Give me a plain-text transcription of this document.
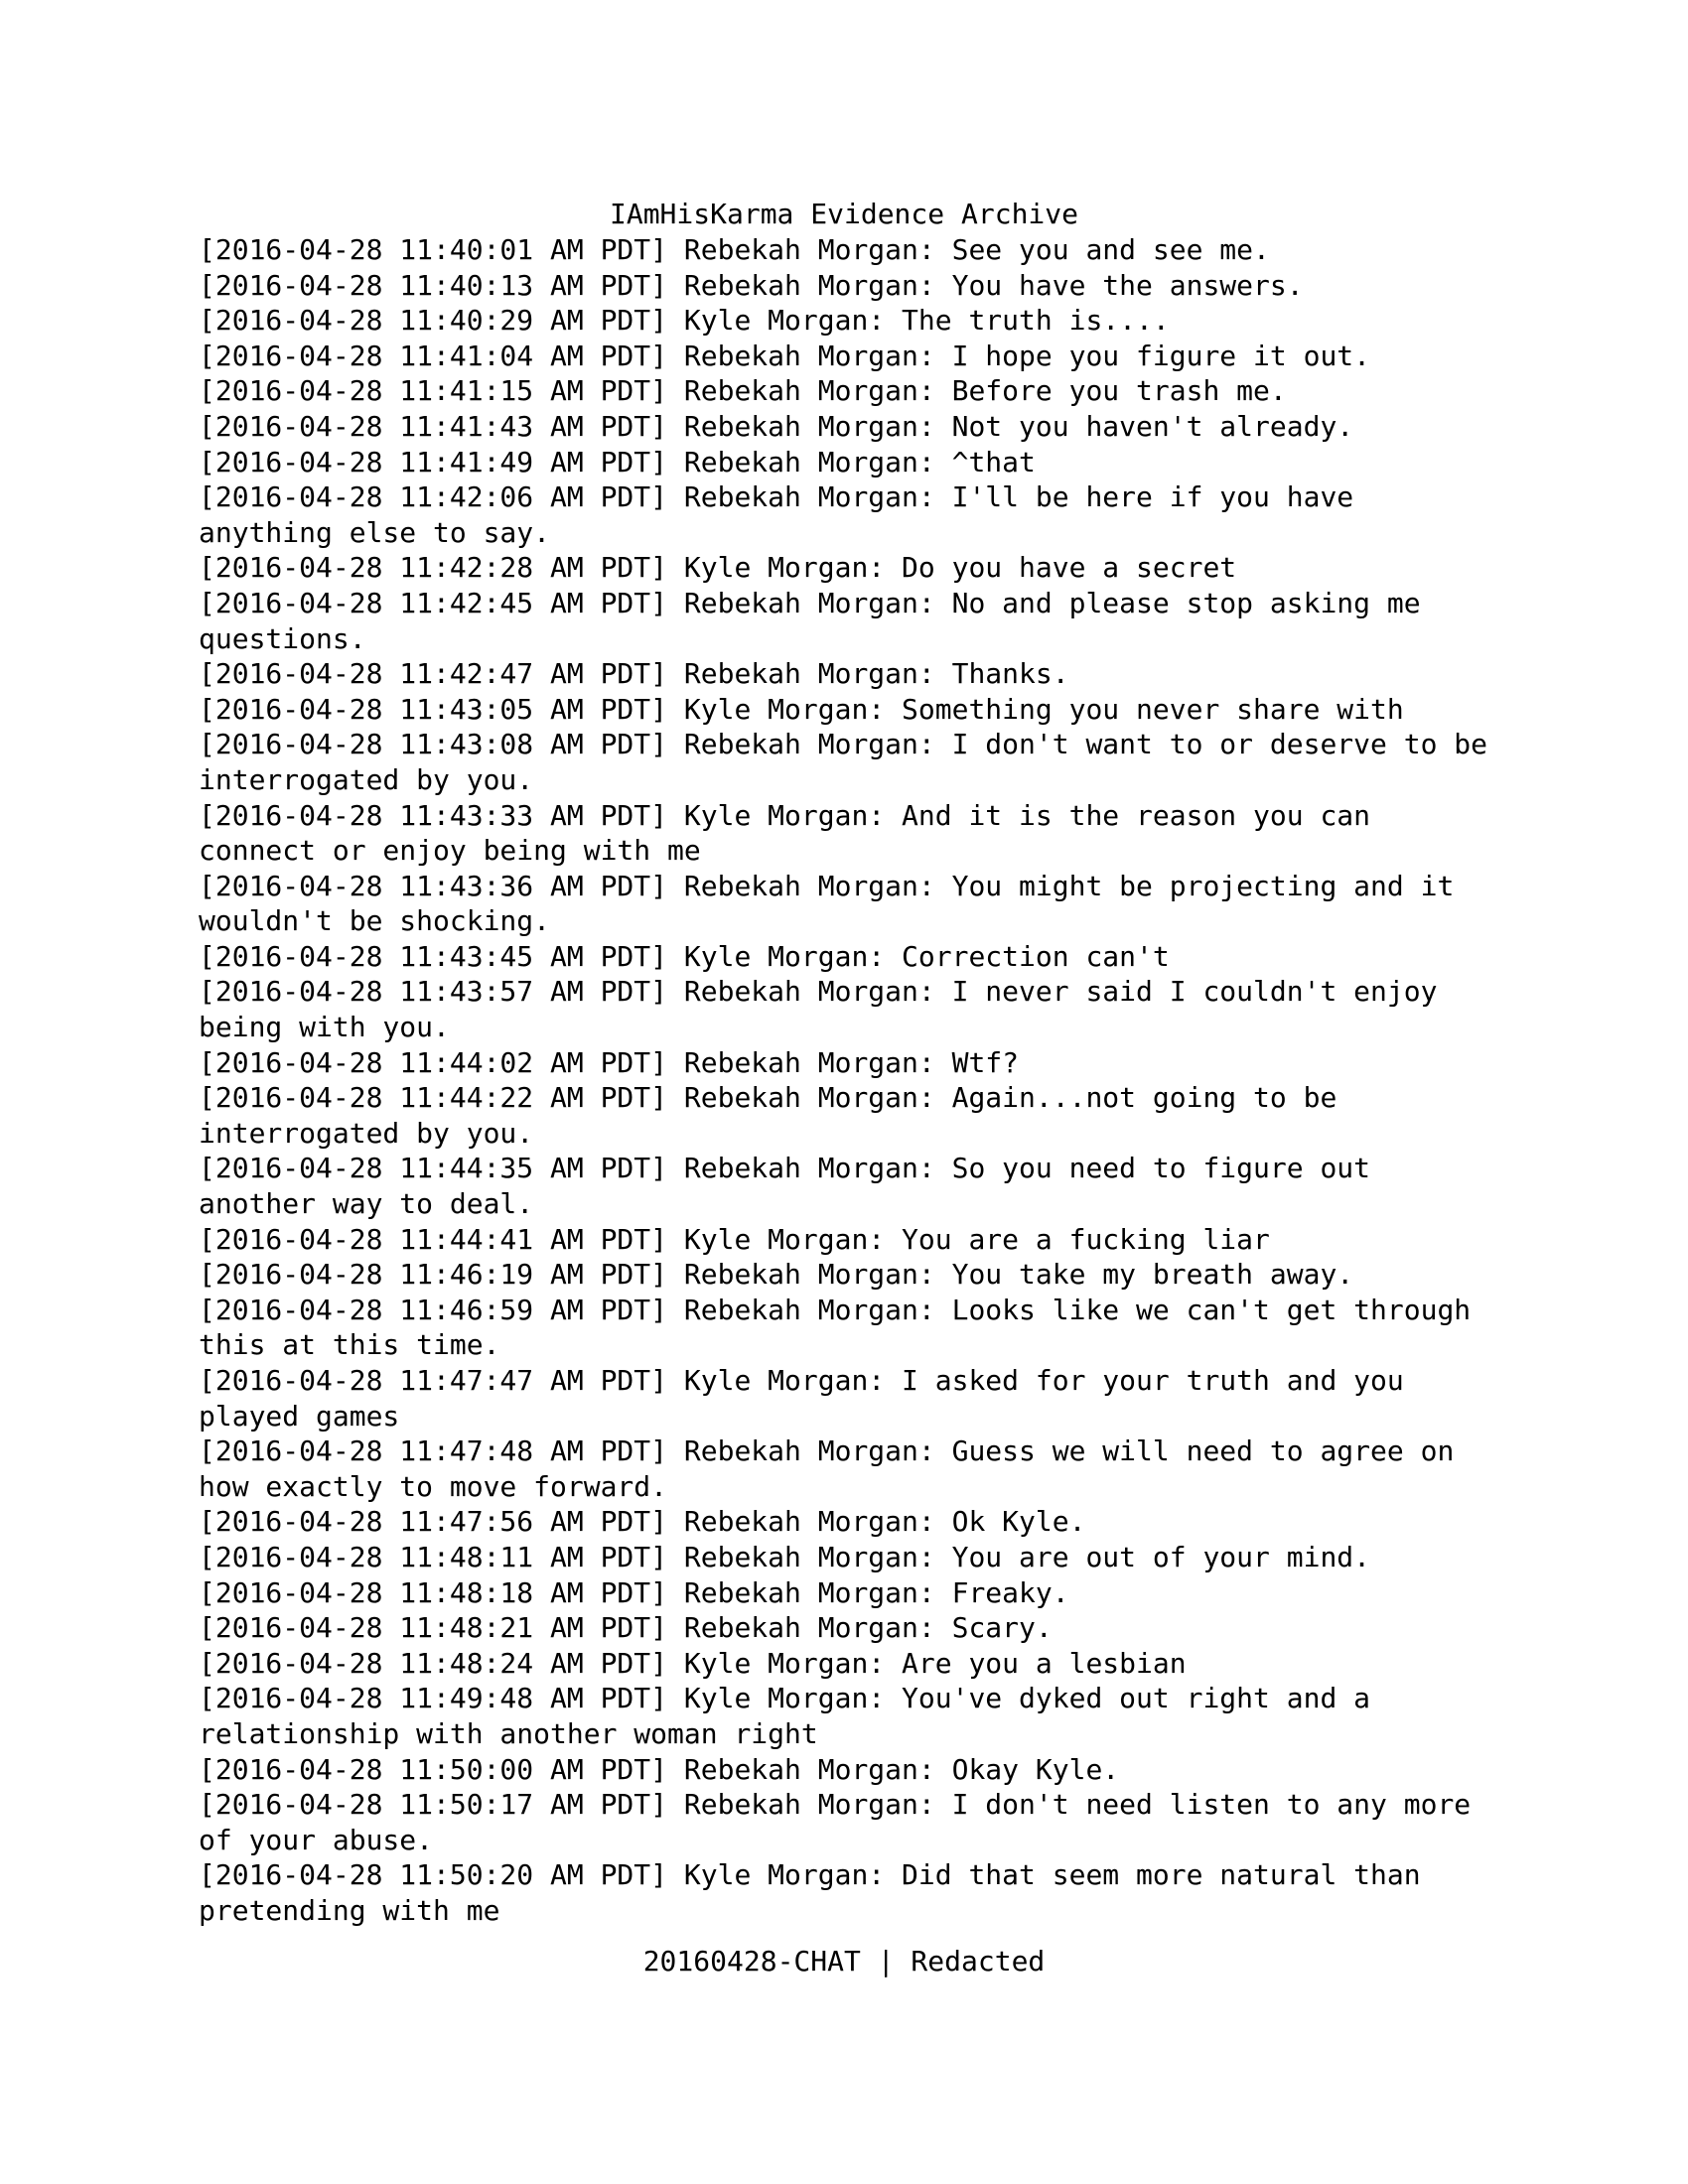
IAmHisKarma Evidence Archive
[2016-04-28 11:40:01 AM PDT] Rebekah Morgan: See you and see me.
[2016-04-28 11:40:13 AM PDT] Rebekah Morgan: You have the answers.
[2016-04-28 11:40:29 AM PDT] Kyle Morgan: The truth is....
[2016-04-28 11:41:04 AM PDT] Rebekah Morgan: I hope you figure it out.
[2016-04-28 11:41:15 AM PDT] Rebekah Morgan: Before you trash me.
[2016-04-28 11:41:43 AM PDT] Rebekah Morgan: Not you haven't already.
[2016-04-28 11:41:49 AM PDT] Rebekah Morgan: ^that
[2016-04-28 11:42:06 AM PDT] Rebekah Morgan: I'll be here if you have
anything else to say.
[2016-04-28 11:42:28 AM PDT] Kyle Morgan: Do you have a secret
[2016-04-28 11:42:45 AM PDT] Rebekah Morgan: No and please stop asking me
questions.
[2016-04-28 11:42:47 AM PDT] Rebekah Morgan: Thanks.
[2016-04-28 11:43:05 AM PDT] Kyle Morgan: Something you never share with
[2016-04-28 11:43:08 AM PDT] Rebekah Morgan: I don't want to or deserve to be
interrogated by you.
[2016-04-28 11:43:33 AM PDT] Kyle Morgan: And it is the reason you can
connect or enjoy being with me
[2016-04-28 11:43:36 AM PDT] Rebekah Morgan: You might be projecting and it
wouldn't be shocking.
[2016-04-28 11:43:45 AM PDT] Kyle Morgan: Correction can't
[2016-04-28 11:43:57 AM PDT] Rebekah Morgan: I never said I couldn't enjoy
being with you.
[2016-04-28 11:44:02 AM PDT] Rebekah Morgan: Wtf?
[2016-04-28 11:44:22 AM PDT] Rebekah Morgan: Again...not going to be
interrogated by you.
[2016-04-28 11:44:35 AM PDT] Rebekah Morgan: So you need to figure out
another way to deal.
[2016-04-28 11:44:41 AM PDT] Kyle Morgan: You are a fucking liar
[2016-04-28 11:46:19 AM PDT] Rebekah Morgan: You take my breath away.
[2016-04-28 11:46:59 AM PDT] Rebekah Morgan: Looks like we can't get through
this at this time.
[2016-04-28 11:47:47 AM PDT] Kyle Morgan: I asked for your truth and you
played games
[2016-04-28 11:47:48 AM PDT] Rebekah Morgan: Guess we will need to agree on
how exactly to move forward.
[2016-04-28 11:47:56 AM PDT] Rebekah Morgan: Ok Kyle.
[2016-04-28 11:48:11 AM PDT] Rebekah Morgan: You are out of your mind.
[2016-04-28 11:48:18 AM PDT] Rebekah Morgan: Freaky.
[2016-04-28 11:48:21 AM PDT] Rebekah Morgan: Scary.
[2016-04-28 11:48:24 AM PDT] Kyle Morgan: Are you a lesbian
[2016-04-28 11:49:48 AM PDT] Kyle Morgan: You've dyked out right and a
relationship with another woman right
[2016-04-28 11:50:00 AM PDT] Rebekah Morgan: Okay Kyle.
[2016-04-28 11:50:17 AM PDT] Rebekah Morgan: I don't need listen to any more
of your abuse.
[2016-04-28 11:50:20 AM PDT] Kyle Morgan: Did that seem more natural than
pretending with me
20160428-CHAT | Redacted
